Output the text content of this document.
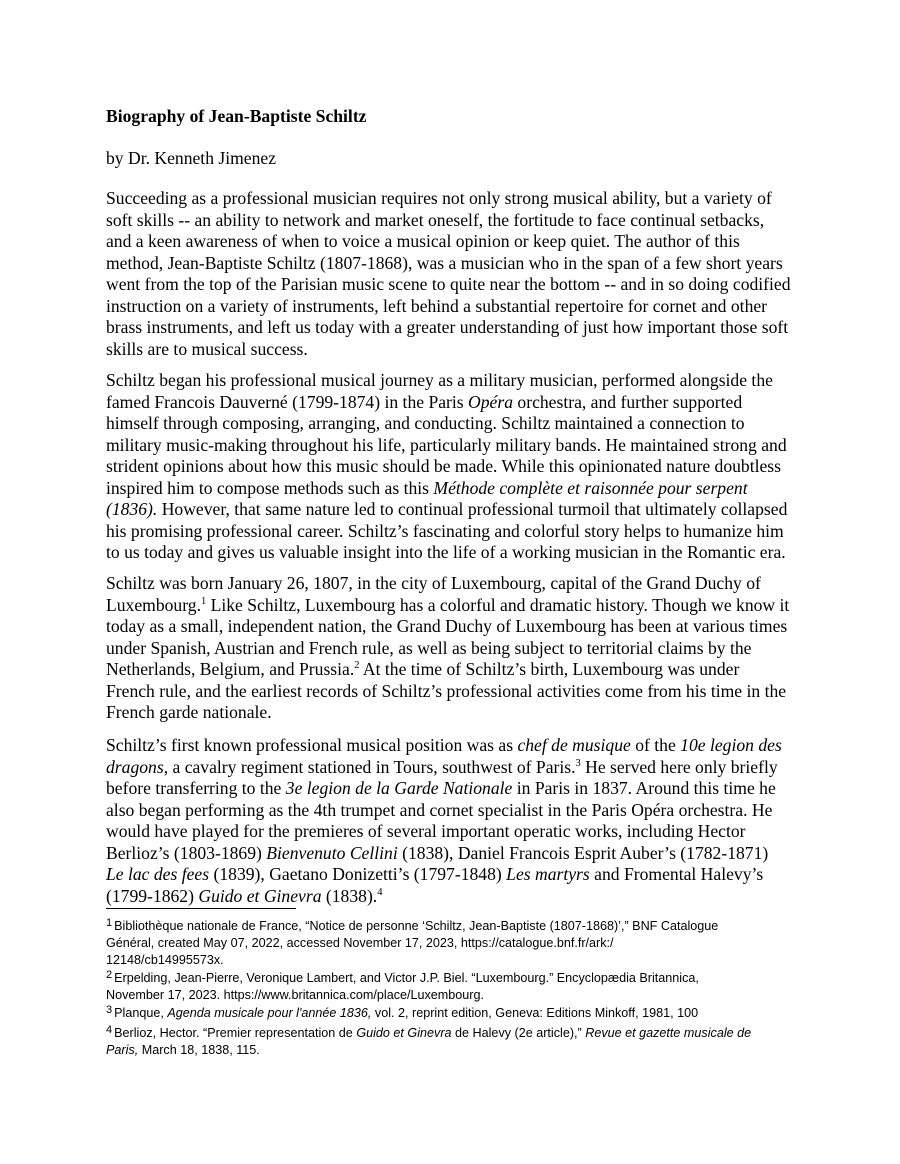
Biography of Jean-Baptiste Schiltz
by Dr. Kenneth Jimenez
Succeeding as a professional musician requires not only strong musical ability, but a variety of
soft skills -- an ability to network and market oneself, the fortitude to face continual setbacks,
and a keen awareness of when to voice a musical opinion or keep quiet. The author of this
method, Jean-Baptiste Schiltz (1807-1868), was a musician who in the span of a few short years
went from the top of the Parisian music scene to quite near the bottom -- and in so doing codified
instruction on a variety of instruments, left behind a substantial repertoire for cornet and other
brass instruments, and left us today with a greater understanding of just how important those soft
skills are to musical success.
Schiltz began his professional musical journey as a military musician, performed alongside the
famed Francois Dauverné (1799-1874) in the Paris Opéra orchestra, and further supported
himself through composing, arranging, and conducting. Schiltz maintained a connection to
military music-making throughout his life, particularly military bands. He maintained strong and
strident opinions about how this music should be made. While this opinionated nature doubtless
inspired him to compose methods such as this Méthode complète et raisonnée pour serpent
(1836). However, that same nature led to continual professional turmoil that ultimately collapsed
his promising professional career. Schiltz’s fascinating and colorful story helps to humanize him
to us today and gives us valuable insight into the life of a working musician in the Romantic era.
Schiltz was born January 26, 1807, in the city of Luxembourg, capital of the Grand Duchy of
Luxembourg.$^1$ Like Schiltz, Luxembourg has a colorful and dramatic history. Though we know it
today as a small, independent nation, the Grand Duchy of Luxembourg has been at various times
under Spanish, Austrian and French rule, as well as being subject to territorial claims by the
Netherlands, Belgium, and Prussia.$^2$ At the time of Schiltz’s birth, Luxembourg was under
French rule, and the earliest records of Schiltz’s professional activities come from his time in the
French garde nationale.
Schiltz’s first known professional musical position was as chef de musique of the 10e legion des
dragons, a cavalry regiment stationed in Tours, southwest of Paris.$^3$ He served here only briefly
before transferring to the 3e legion de la Garde Nationale in Paris in 1837. Around this time he
also began performing as the 4th trumpet and cornet specialist in the Paris Opéra orchestra. He
would have played for the premieres of several important operatic works, including Hector
Berlioz’s (1803-1869) Bienvenuto Cellini (1838), Daniel Francois Esprit Auber’s (1782-1871)
Le lac des fees (1839), Gaetano Donizetti’s (1797-1848) Les martyrs and Fromental Halevy’s
(1799-1862) Guido et Ginevra (1838).$^4$
1 Bibliothèque nationale de France, “Notice de personne ‘Schiltz, Jean-Baptiste (1807-1868)’,” BNF Catalogue
Général, created May 07, 2022, accessed November 17, 2023, https://catalogue.bnf.fr/ark:/
12148/cb14995573x.
2 Erpelding, Jean-Pierre, Veronique Lambert, and Victor J.P. Biel. “Luxembourg.” Encyclopædia Britannica,
November 17, 2023. https://www.britannica.com/place/Luxembourg.
3 Planque, Agenda musicale pour l'année 1836, vol. 2, reprint edition, Geneva: Editions Minkoff, 1981, 100
4 Berlioz, Hector. “Premier representation de Guido et Ginevra de Halevy (2e article),” Revue et gazette musicale de
Paris, March 18, 1838, 115.
